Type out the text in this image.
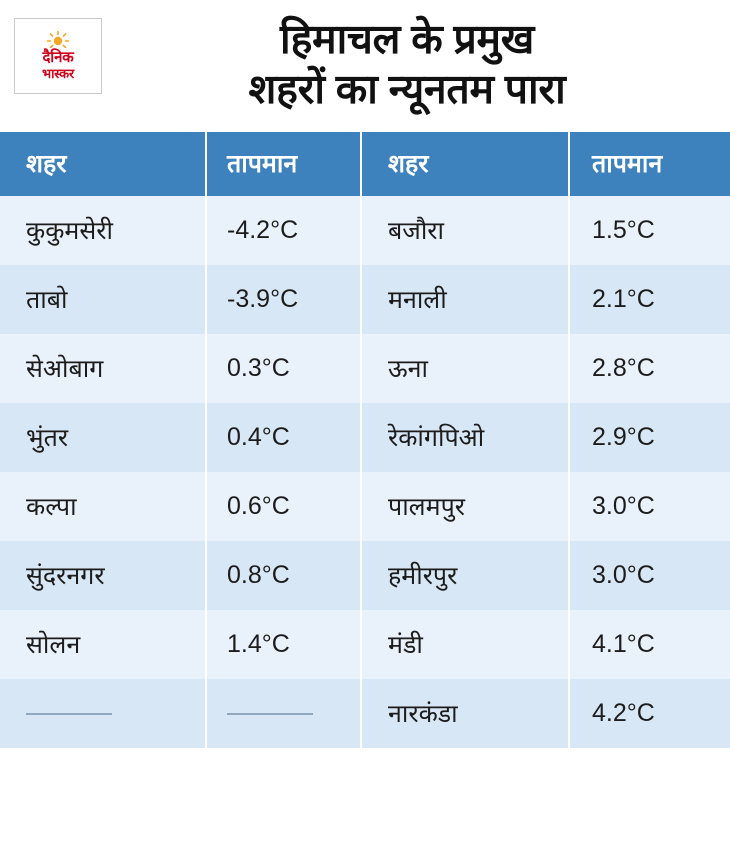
दैनिक
भास्कर
हिमाचल के प्रमुख
शहरों का न्यूनतम पारा
शहर	तापमान	शहर	तापमान
कुकुमसेरी	-4.2°C	बजौरा	1.5°C
ताबो	-3.9°C	मनाली	2.1°C
सेओबाग	0.3°C	ऊना	2.8°C
भुंतर	0.4°C	रेकांगपिओ	2.9°C
कल्पा	0.6°C	पालमपुर	3.0°C
सुंदरनगर	0.8°C	हमीरपुर	3.0°C
सोलन	1.4°C	मंडी	4.1°C
		नारकंडा	4.2°C
